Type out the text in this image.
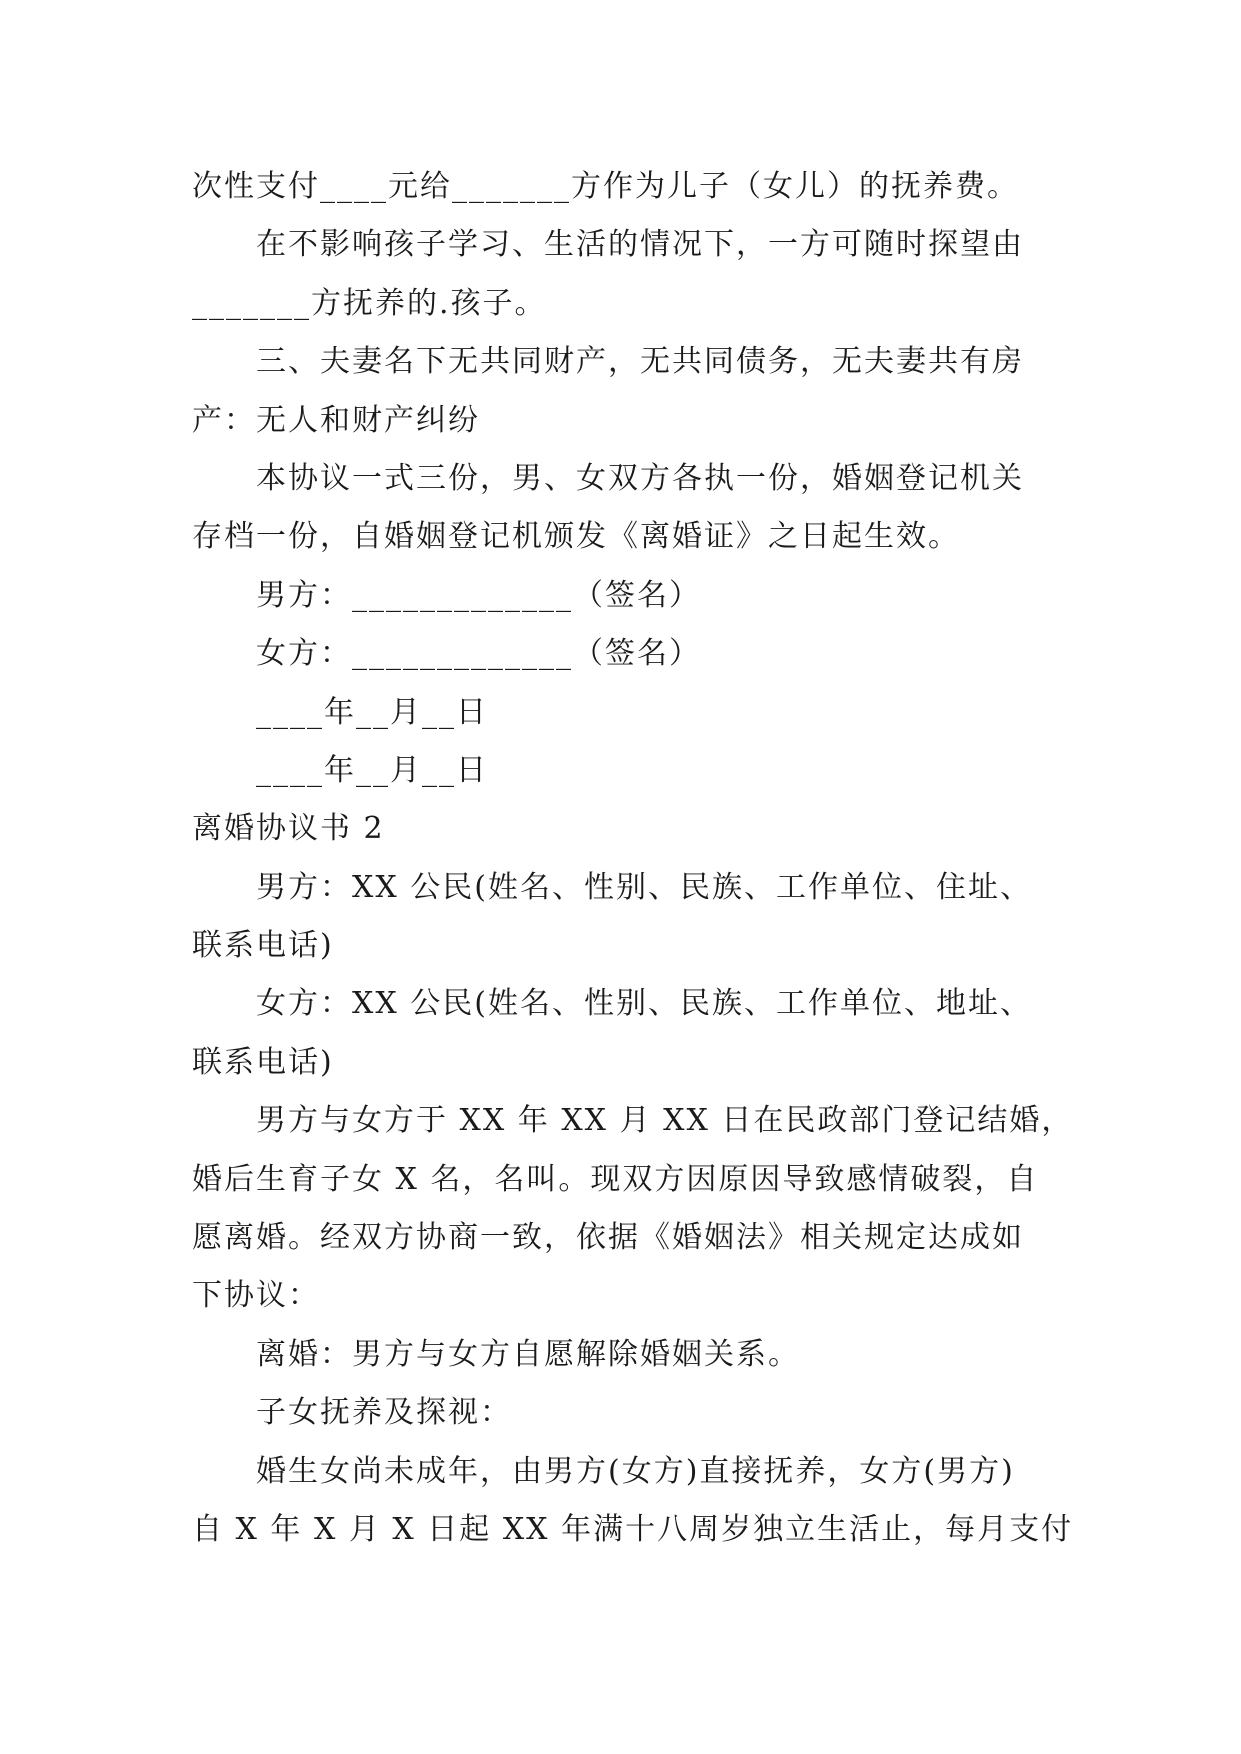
次性支付____元给_______方作为儿子（女儿）的抚养费。
在不影响孩子学习、生活的情况下，一方可随时探望由
_______方抚养的.孩子。
三、夫妻名下无共同财产，无共同债务，无夫妻共有房
产：无人和财产纠纷
本协议一式三份，男、女双方各执一份，婚姻登记机关
存档一份，自婚姻登记机颁发《离婚证》之日起生效。
男方：_____________（签名）
女方：_____________（签名）
____年__月__日
____年__月__日
离婚协议书 2
男方：XX 公民(姓名、性别、民族、工作单位、住址、
联系电话)
女方：XX 公民(姓名、性别、民族、工作单位、地址、
联系电话)
男方与女方于 XX 年 XX 月 XX 日在民政部门登记结婚，
婚后生育子女 X 名，名叫。现双方因原因导致感情破裂，自
愿离婚。经双方协商一致，依据《婚姻法》相关规定达成如
下协议：
离婚：男方与女方自愿解除婚姻关系。
子女抚养及探视：
婚生女尚未成年，由男方(女方)直接抚养，女方(男方)
自 X 年 X 月 X 日起 XX 年满十八周岁独立生活止，每月支付
